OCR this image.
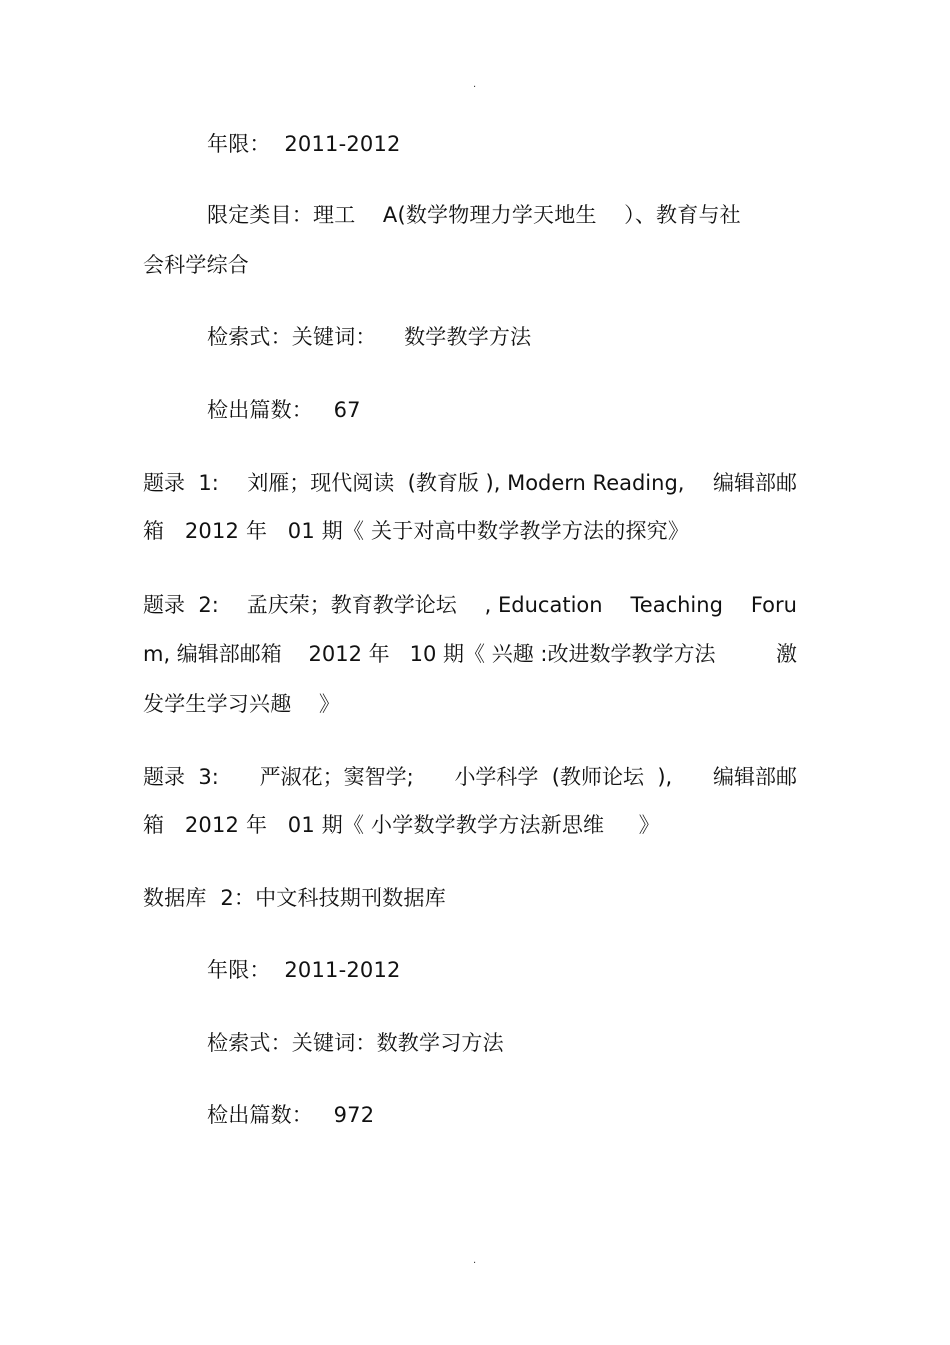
.
年限：  2011-2012
限定类目：理工    A(数学物理力学天地生    ）、教育与社
会科学综合
检索式：关键词：    数学教学方法
检出篇数：   67
题录  1: 刘雁；现代阅读  (教育版 ), Modern Reading, 编辑部邮
箱   2012 年   01 期《 关于对高中数学教学方法的探究》
题录  2: 孟庆荣；教育教学论坛 , Education Teaching Foru
m, 编辑部邮箱    2012 年   10 期《 兴趣 :改进数学教学方法	激
发学生学习兴趣    》
题录  3: 严淑花；窦智学; 小学科学  (教师论坛  ), 编辑部邮
箱   2012 年   01 期《 小学数学教学方法新思维     》
数据库  2：中文科技期刊数据库
年限：  2011-2012
检索式：关键词：数教学习方法
检出篇数：   972
.
